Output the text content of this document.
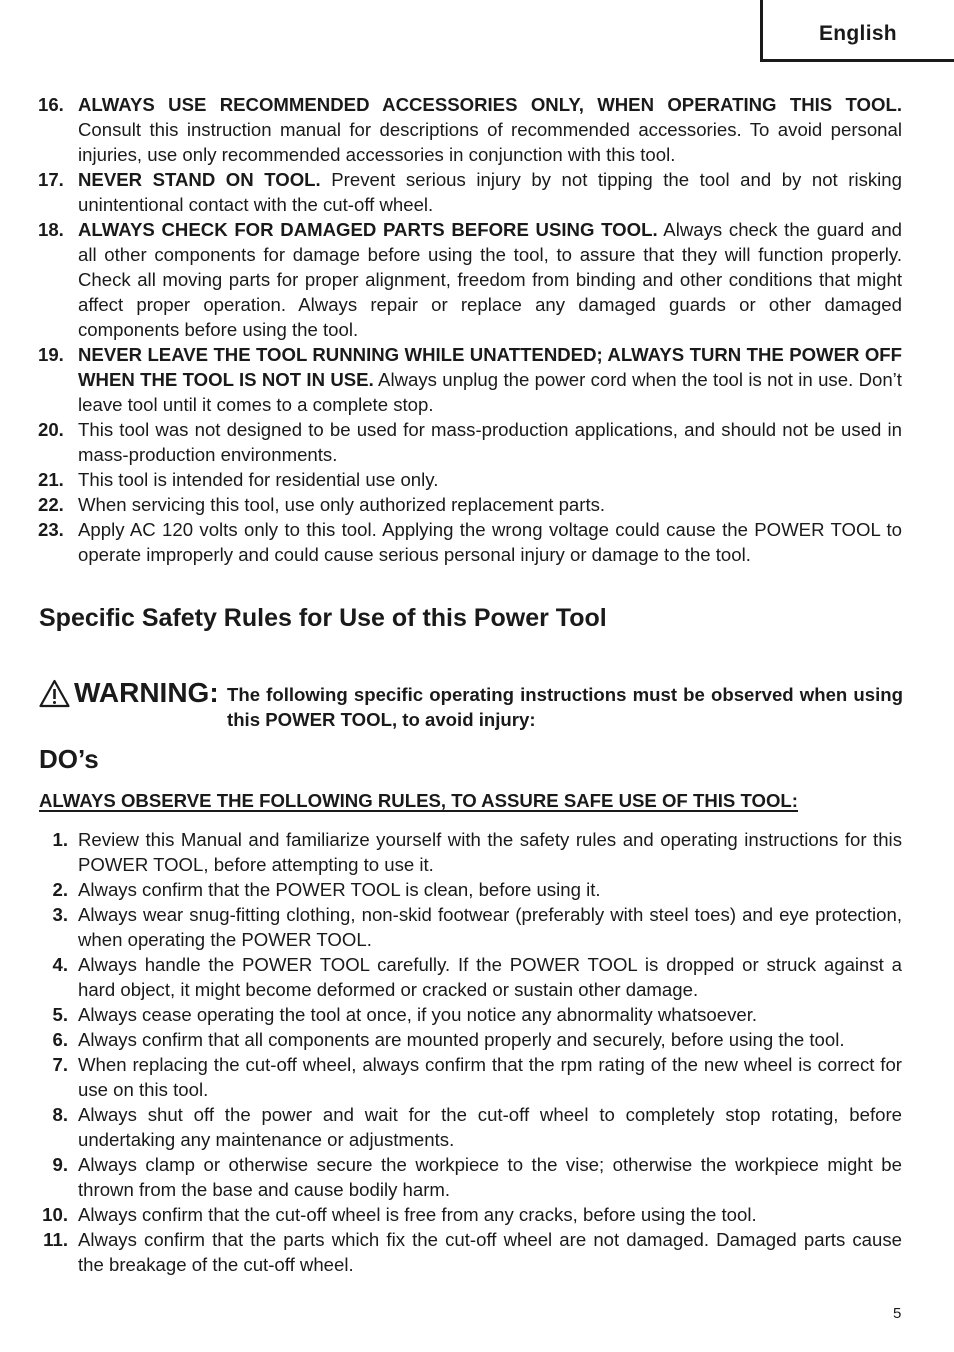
English
16. ALWAYS USE RECOMMENDED ACCESSORIES ONLY, WHEN OPERATING THIS TOOL. Consult this instruction manual for descriptions of recommended accessories. To avoid personal injuries, use only recommended accessories in conjunction with this tool.
17. NEVER STAND ON TOOL. Prevent serious injury by not tipping the tool and by not risking unintentional contact with the cut-off wheel.
18. ALWAYS CHECK FOR DAMAGED PARTS BEFORE USING TOOL. Always check the guard and all other components for damage before using the tool, to assure that they will function properly. Check all moving parts for proper alignment, freedom from binding and other conditions that might affect proper operation. Always repair or replace any damaged guards or other damaged components before using the tool.
19. NEVER LEAVE THE TOOL RUNNING WHILE UNATTENDED; ALWAYS TURN THE POWER OFF WHEN THE TOOL IS NOT IN USE. Always unplug the power cord when the tool is not in use. Don’t leave tool until it comes to a complete stop.
20. This tool was not designed to be used for mass-production applications, and should not be used in mass-production environments.
21. This tool is intended for residential use only.
22. When servicing this tool, use only authorized replacement parts.
23. Apply AC 120 volts only to this tool. Applying the wrong voltage could cause the POWER TOOL to operate improperly and could cause serious personal injury or damage to the tool.
Specific Safety Rules for Use of this Power Tool
WARNING: The following specific operating instructions must be observed when using this POWER TOOL, to avoid injury:
DO’s

ALWAYS OBSERVE THE FOLLOWING RULES, TO ASSURE SAFE USE OF THIS TOOL:

1. Review this Manual and familiarize yourself with the safety rules and operating instructions for this POWER TOOL, before attempting to use it.
2. Always confirm that the POWER TOOL is clean, before using it.
3. Always wear snug-fitting clothing, non-skid footwear (preferably with steel toes) and eye protection, when operating the POWER TOOL.
4. Always handle the POWER TOOL carefully. If the POWER TOOL is dropped or struck against a hard object, it might become deformed or cracked or sustain other damage.
5. Always cease operating the tool at once, if you notice any abnormality whatsoever.
6. Always confirm that all components are mounted properly and securely, before using the tool.
7. When replacing the cut-off wheel, always confirm that the rpm rating of the new wheel is correct for use on this tool.
8. Always shut off the power and wait for the cut-off wheel to completely stop rotating, before undertaking any maintenance or adjustments.
9. Always clamp or otherwise secure the workpiece to the vise; otherwise the workpiece might be thrown from the base and cause bodily harm.
10. Always confirm that the cut-off wheel is free from any cracks, before using the tool.
11. Always confirm that the parts which fix the cut-off wheel are not damaged. Damaged parts cause the breakage of the cut-off wheel.
5
